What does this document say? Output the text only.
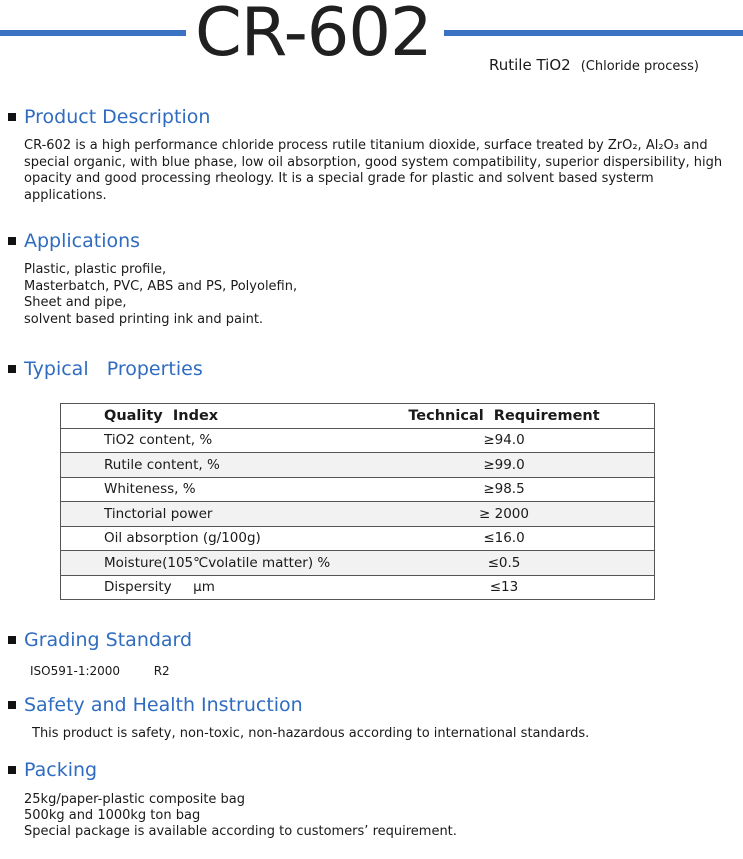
CR-602	Rutile TiO2 (Chloride process)
Product Description
CR-602 is a high performance chloride process rutile titanium dioxide, surface treated by ZrO₂, Al₂O₃ and special organic, with blue phase, low oil absorption, good system compatibility, superior dispersibility, high opacity and good processing rheology. It is a special grade for plastic and solvent based systerm applications.
Applications
Plastic, plastic profile,
Masterbatch, PVC, ABS and PS, Polyolefin,
Sheet and pipe,
solvent based printing ink and paint.
Typical   Properties
Quality  Index	Technical  Requirement
TiO2 content, %	≥94.0
Rutile content, %	≥99.0
Whiteness, %	≥98.5
Tinctorial power	≥ 2000
Oil absorption (g/100g)	≤16.0
Moisture(105℃volatile matter) %	≤0.5
Dispersity     μm	≤13
Grading Standard
ISO591-1:2000	R2
Safety and Health Instruction
This product is safety, non-toxic, non-hazardous according to international standards.
Packing
25kg/paper-plastic composite bag
500kg and 1000kg ton bag
Special package is available according to customers’ requirement.
